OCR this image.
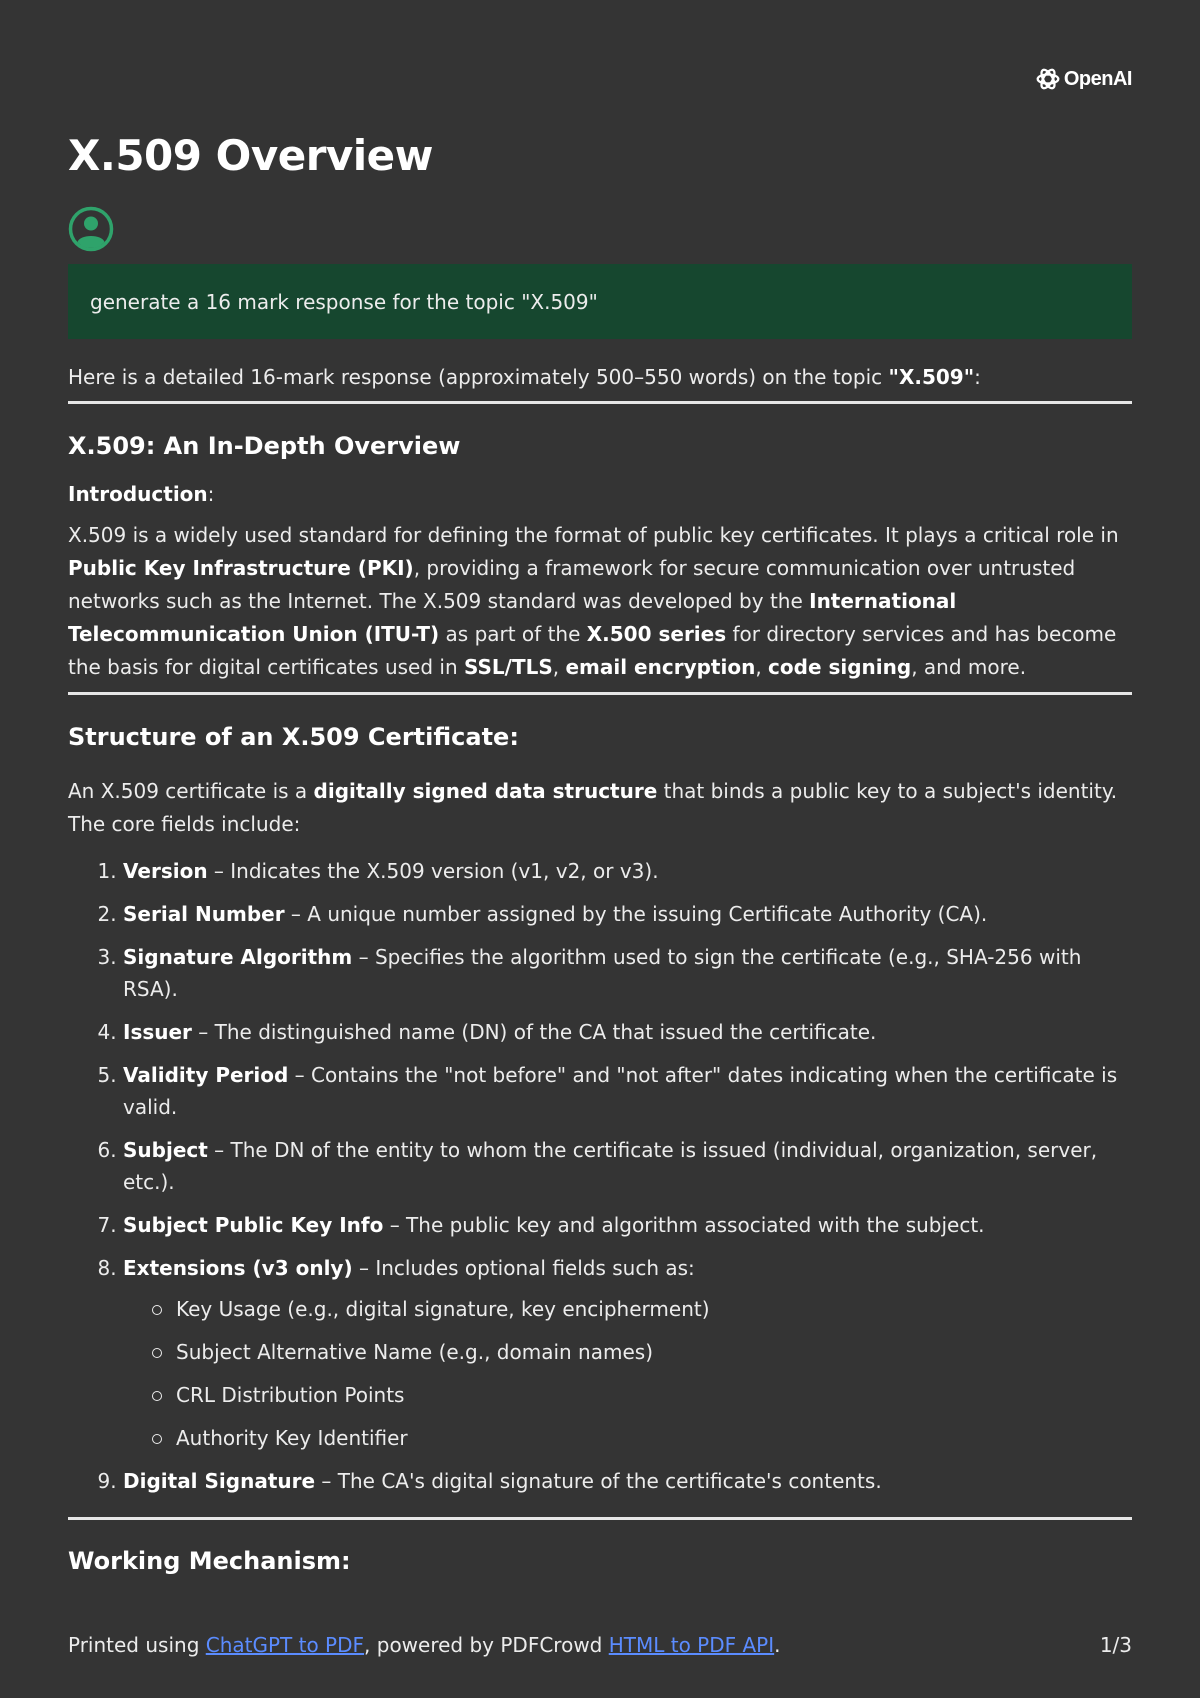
OpenAI
X.509 Overview
generate a 16 mark response for the topic "X.509"

Here is a detailed 16-mark response (approximately 500–550 words) on the topic "X.509":

X.509: An In-Depth Overview

Introduction:

X.509 is a widely used standard for defining the format of public key certificates. It plays a critical role in Public Key Infrastructure (PKI), providing a framework for secure communication over untrusted networks such as the Internet. The X.509 standard was developed by the International Telecommunication Union (ITU-T) as part of the X.500 series for directory services and has become the basis for digital certificates used in SSL/TLS, email encryption, code signing, and more.

Structure of an X.509 Certificate:

An X.509 certificate is a digitally signed data structure that binds a public key to a subject's identity. The core fields include:

1. Version – Indicates the X.509 version (v1, v2, or v3).
2. Serial Number – A unique number assigned by the issuing Certificate Authority (CA).
3. Signature Algorithm – Specifies the algorithm used to sign the certificate (e.g., SHA-256 with RSA).
4. Issuer – The distinguished name (DN) of the CA that issued the certificate.
5. Validity Period – Contains the "not before" and "not after" dates indicating when the certificate is valid.
6. Subject – The DN of the entity to whom the certificate is issued (individual, organization, server, etc.).
7. Subject Public Key Info – The public key and algorithm associated with the subject.
8. Extensions (v3 only) – Includes optional fields such as:
Key Usage (e.g., digital signature, key encipherment)
Subject Alternative Name (e.g., domain names)
CRL Distribution Points
Authority Key Identifier
9. Digital Signature – The CA's digital signature of the certificate's contents.
Working Mechanism:
Printed using ChatGPT to PDF, powered by PDFCrowd HTML to PDF API.	1/3
